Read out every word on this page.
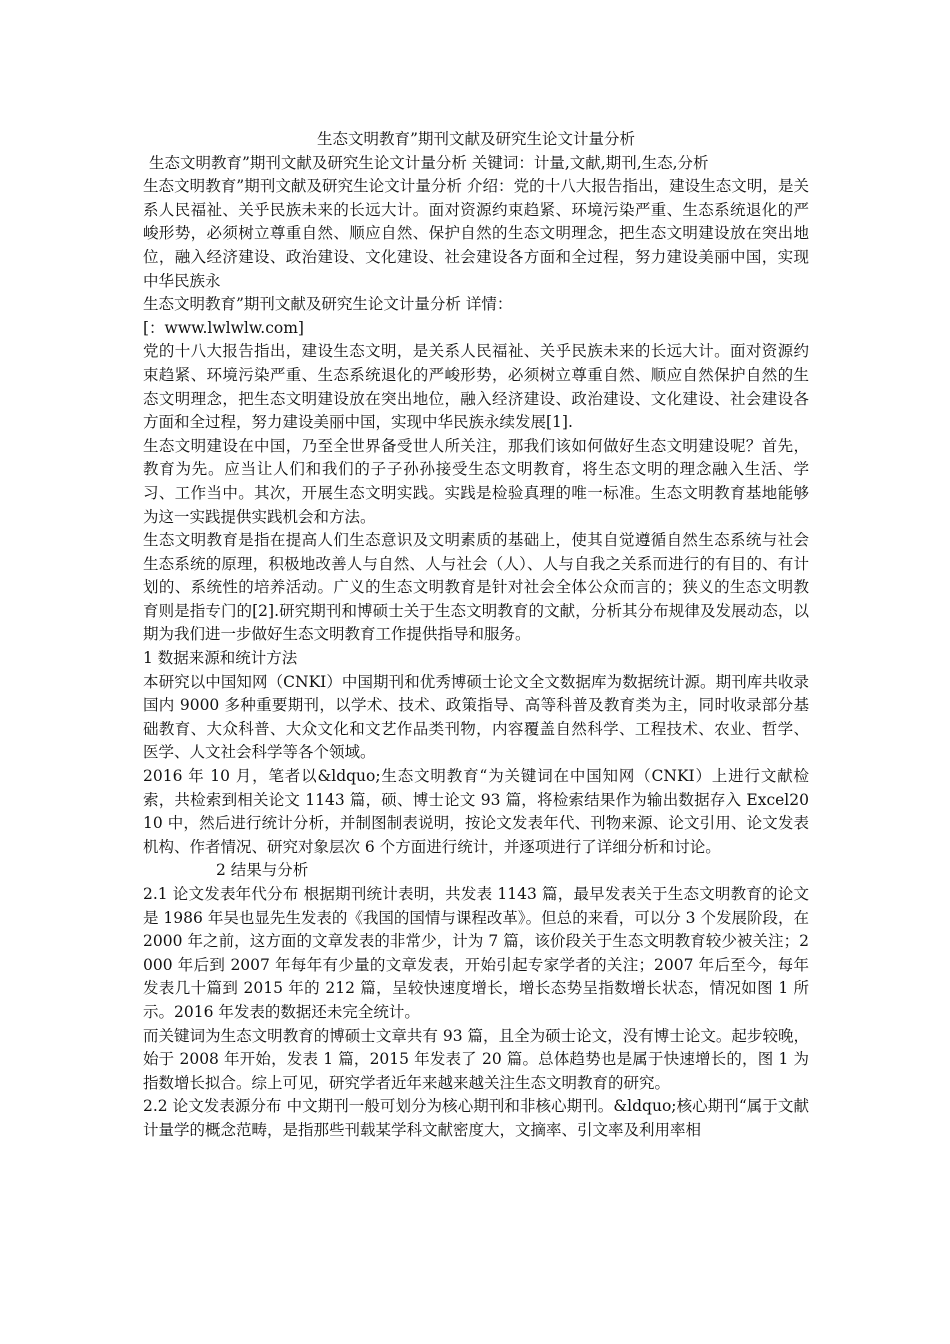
生态文明教育”期刊文献及研究生论文计量分析

生态文明教育”期刊文献及研究生论文计量分析 关键词：计量,文献,期刊,生态,分析

生态文明教育”期刊文献及研究生论文计量分析 介绍：党的十八大报告指出，建设生态文明，是关系人民福祉、关乎民族未来的长远大计。面对资源约束趋紧、环境污染严重、生态系统退化的严峻形势，必须树立尊重自然、顺应自然、保护自然的生态文明理念，把生态文明建设放在突出地位，融入经济建设、政治建设、文化建设、社会建设各方面和全过程，努力建设美丽中国，实现中华民族永

生态文明教育”期刊文献及研究生论文计量分析 详情：

[：www.lwlwlw.com]

党的十八大报告指出，建设生态文明，是关系人民福祉、关乎民族未来的长远大计。面对资源约束趋紧、环境污染严重、生态系统退化的严峻形势，必须树立尊重自然、顺应自然保护自然的生态文明理念，把生态文明建设放在突出地位，融入经济建设、政治建设、文化建设、社会建设各方面和全过程，努力建设美丽中国，实现中华民族永续发展[1].

生态文明建设在中国，乃至全世界备受世人所关注，那我们该如何做好生态文明建设呢？首先，教育为先。应当让人们和我们的子子孙孙接受生态文明教育，将生态文明的理念融入生活、学习、工作当中。其次，开展生态文明实践。实践是检验真理的唯一标准。生态文明教育基地能够为这一实践提供实践机会和方法。

生态文明教育是指在提高人们生态意识及文明素质的基础上，使其自觉遵循自然生态系统与社会生态系统的原理，积极地改善人与自然、人与社会（人）、人与自我之关系而进行的有目的、有计划的、系统性的培养活动。广义的生态文明教育是针对社会全体公众而言的；狭义的生态文明教育则是指专门的[2].研究期刊和博硕士关于生态文明教育的文献，分析其分布规律及发展动态，以期为我们进一步做好生态文明教育工作提供指导和服务。

1 数据来源和统计方法

本研究以中国知网（CNKI）中国期刊和优秀博硕士论文全文数据库为数据统计源。期刊库共收录国内 9000 多种重要期刊，以学术、技术、政策指导、高等科普及教育类为主，同时收录部分基础教育、大众科普、大众文化和文艺作品类刊物，内容覆盖自然科学、工程技术、农业、哲学、医学、人文社会科学等各个领域。

2016 年 10 月，笔者以&ldquo;生态文明教育“为关键词在中国知网（CNKI）上进行文献检索，共检索到相关论文 1143 篇，硕、博士论文 93 篇，将检索结果作为输出数据存入 Excel2010 中，然后进行统计分析，并制图制表说明，按论文发表年代、刊物来源、论文引用、论文发表机构、作者情况、研究对象层次 6 个方面进行统计，并逐项进行了详细分析和讨论。

2 结果与分析

2.1 论文发表年代分布 根据期刊统计表明，共发表 1143 篇，最早发表关于生态文明教育的论文是 1986 年吴也显先生发表的《我国的国情与课程改革》。但总的来看，可以分 3 个发展阶段，在 2000 年之前，这方面的文章发表的非常少，计为 7 篇，该价段关于生态文明教育较少被关注；2000 年后到 2007 年每年有少量的文章发表，开始引起专家学者的关注；2007 年后至今，每年发表几十篇到 2015 年的 212 篇，呈较快速度增长，增长态势呈指数增长状态，情况如图 1 所示。2016 年发表的数据还未完全统计。

而关键词为生态文明教育的博硕士文章共有 93 篇，且全为硕士论文，没有博士论文。起步较晚，始于 2008 年开始，发表 1 篇，2015 年发表了 20 篇。总体趋势也是属于快速增长的，图 1 为指数增长拟合。综上可见，研究学者近年来越来越关注生态文明教育的研究。

2.2 论文发表源分布 中文期刊一般可划分为核心期刊和非核心期刊。&ldquo;核心期刊“属于文献计量学的概念范畴，是指那些刊载某学科文献密度大，文摘率、引文率及利用率相
